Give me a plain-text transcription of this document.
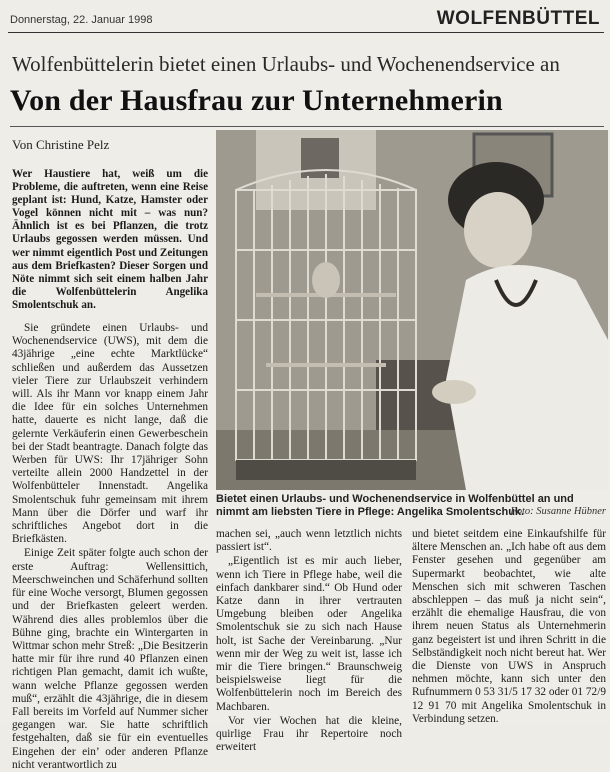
Donnerstag, 22. Januar 1998	WOLFENBÜTTEL
Wolfenbüttelerin bietet einen Urlaubs- und Wochenendservice an
Von der Hausfrau zur Unternehmerin
Von Christine Pelz

Wer Haustiere hat, weiß um die Probleme, die auftreten, wenn eine Reise geplant ist: Hund, Katze, Hamster oder Vogel können nicht mit – was nun? Ähnlich ist es bei Pflanzen, die trotz Urlaubs gegossen werden müssen. Und wer nimmt eigentlich Post und Zeitungen aus dem Briefkasten? Dieser Sorgen und Nöte nimmt sich seit einem halben Jahr die Wolfenbüttelerin Angelika Smolentschuk an.

Sie gründete einen Urlaubs- und Wochenendservice (UWS), mit dem die 43jährige „eine echte Marktlücke“ schließen und außerdem das Aussetzen vieler Tiere zur Urlaubszeit verhindern will. Als ihr Mann vor knapp einem Jahr die Idee für ein solches Unternehmen hatte, dauerte es nicht lange, daß die gelernte Verkäuferin einen Gewerbeschein bei der Stadt beantragte. Danach folgte das Werben für UWS: Ihr 17jähriger Sohn verteilte allein 2000 Handzettel in der Wolfenbütteler Innenstadt. Angelika Smolentschuk fuhr gemeinsam mit ihrem Mann über die Dörfer und warf ihr schriftliches Angebot dort in die Briefkästen.

Einige Zeit später folgte auch schon der erste Auftrag: Wellensittich, Meerschweinchen und Schäferhund sollten für eine Woche versorgt, Blumen gegossen und der Briefkasten geleert werden. Während dies alles problemlos über die Bühne ging, brachte ein Wintergarten in Wittmar schon mehr Streß: „Die Besitzerin hatte mir für ihre rund 40 Pflanzen einen richtigen Plan gemacht, damit ich wußte, wann welche Pflanze gegossen werden muß“, erzählt die 43jährige, die in diesem Fall bereits im Vorfeld auf Nummer sicher gegangen war. Sie hatte schriftlich festgehalten, daß sie für ein eventuelles Eingehen der ein’ oder anderen Pflanze nicht verantwortlich zu

Bietet einen Urlaubs- und Wochenendservice in Wolfenbüttel an und nimmt am liebsten Tiere in Pflege: Angelika Smolentschuk.
Foto: Susanne Hübner

machen sei, „auch wenn letztlich nichts passiert ist“.

„Eigentlich ist es mir auch lieber, wenn ich Tiere in Pflege habe, weil die einfach dankbarer sind.“ Ob Hund oder Katze dann in ihrer vertrauten Umgebung bleiben oder Angelika Smolentschuk sie zu sich nach Hause holt, ist Sache der Vereinbarung. „Nur wenn mir der Weg zu weit ist, lasse ich mir die Tiere bringen.“ Braunschweig beispielsweise liegt für die Wolfenbüttelerin noch im Bereich des Machbaren.

Vor vier Wochen hat die kleine, quirlige Frau ihr Repertoire noch erweitert

und bietet seitdem eine Einkaufshilfe für ältere Menschen an. „Ich habe oft aus dem Fenster gesehen und gegenüber am Supermarkt beobachtet, wie alte Menschen sich mit schweren Taschen abschleppen – das muß ja nicht sein“, erzählt die ehemalige Hausfrau, die von ihrem neuen Status als Unternehmerin ganz begeistert ist und ihren Schritt in die Selbständigkeit noch nicht bereut hat. Wer die Dienste von UWS in Anspruch nehmen möchte, kann sich unter den Rufnummern 0 53 31/5 17 32 oder 01 72/9 12 91 70 mit Angelika Smolentschuk in Verbindung setzen.
